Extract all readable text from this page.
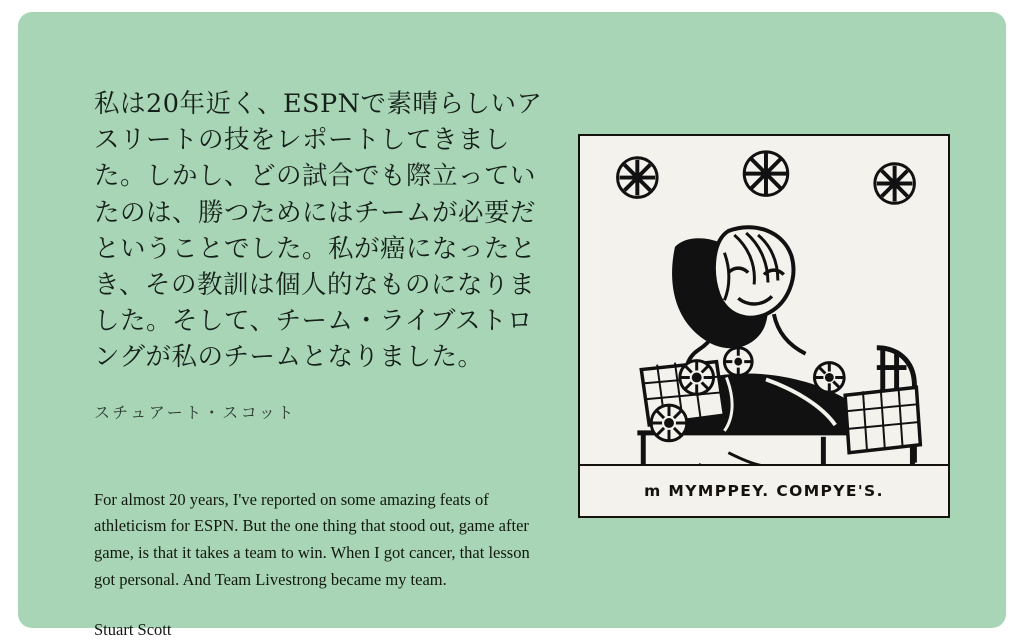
私は20年近く、ESPNで素晴らしいアスリートの技をレポートしてきました。しかし、どの試合でも際立っていたのは、勝つためにはチームが必要だということでした。私が癌になったとき、その教訓は個人的なものになりました。そして、チーム・ライブストロングが私のチームとなりました。

スチュアート・スコット

For almost 20 years, I've reported on some amazing feats of athleticism for ESPN. But the one thing that stood out, game after game, is that it takes a team to win. When I got cancer, that lesson got personal. And Team Livestrong became my team.

Stuart Scott

m MYMPPEY. COMPYE'S.
